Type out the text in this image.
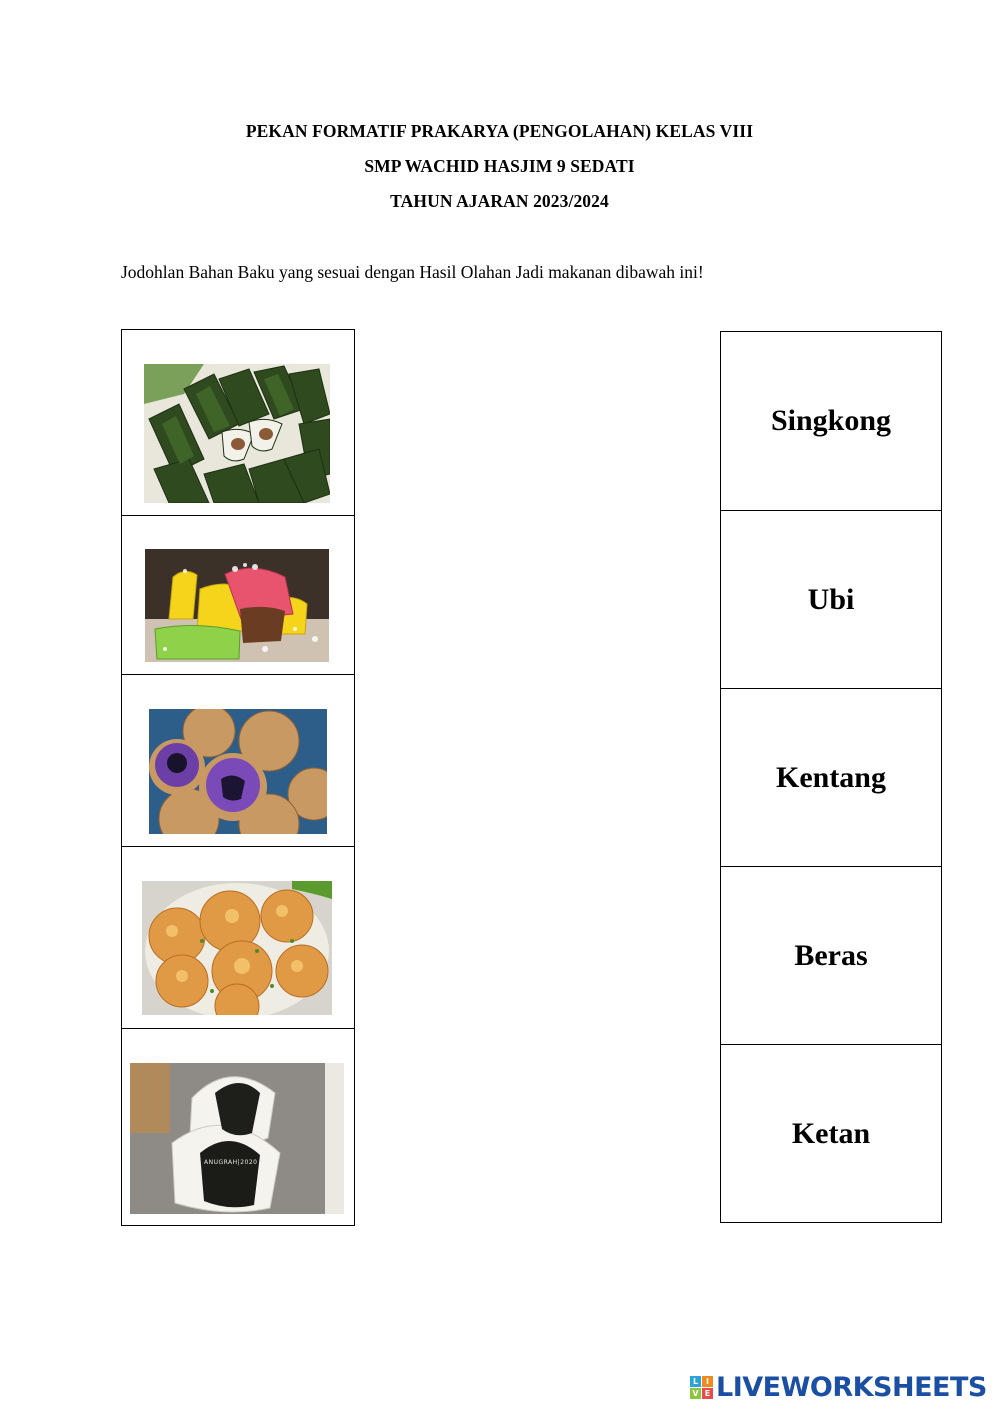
PEKAN FORMATIF PRAKARYA (PENGOLAHAN) KELAS VIII
SMP WACHID HASJIM 9 SEDATI
TAHUN AJARAN 2023/2024
Jodohlan Bahan Baku yang sesuai dengan Hasil Olahan Jadi makanan dibawah ini!
ANUGRAH|2020
Singkong
Ubi
Kentang
Beras
Ketan
L I
V E LIVEWORKSHEETS
